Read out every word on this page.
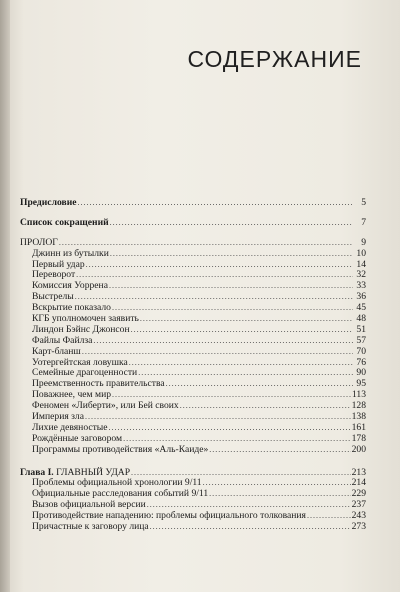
СОДЕРЖАНИЕ
Предисловие .....	5
Список сокращений .....	7
ПРОЛОГ .....	9
Джинн из бутылки .....	10
Первый удар .....	14
Переворот .....	32
Комиссия Уоррена .....	33
Выстрелы .....	36
Вскрытие показало .....	45
КГБ уполномочен заявить .....	48
Линдон Бэйнс Джонсон .....	51
Файлы Файлза .....	57
Карт-бланш .....	70
Уотергейтская ловушка .....	76
Семейные драгоценности .....	90
Преемственность правительства .....	95
Поважнее, чем мир .....	113
Феномен «Либерти», или Бей своих .....	128
Империя зла .....	138
Лихие девяностые .....	161
Рождённые заговором .....	178
Программы противодействия «Аль-Каиде» .....	200
Глава I. ГЛАВНЫЙ УДАР .....	213
Проблемы официальной хронологии 9/11 .....	214
Официальные расследования событий 9/11 .....	229
Вызов официальной версии .....	237
Противодействие нападению: проблемы официального толкования .....	243
Причастные к заговору лица .....	273
